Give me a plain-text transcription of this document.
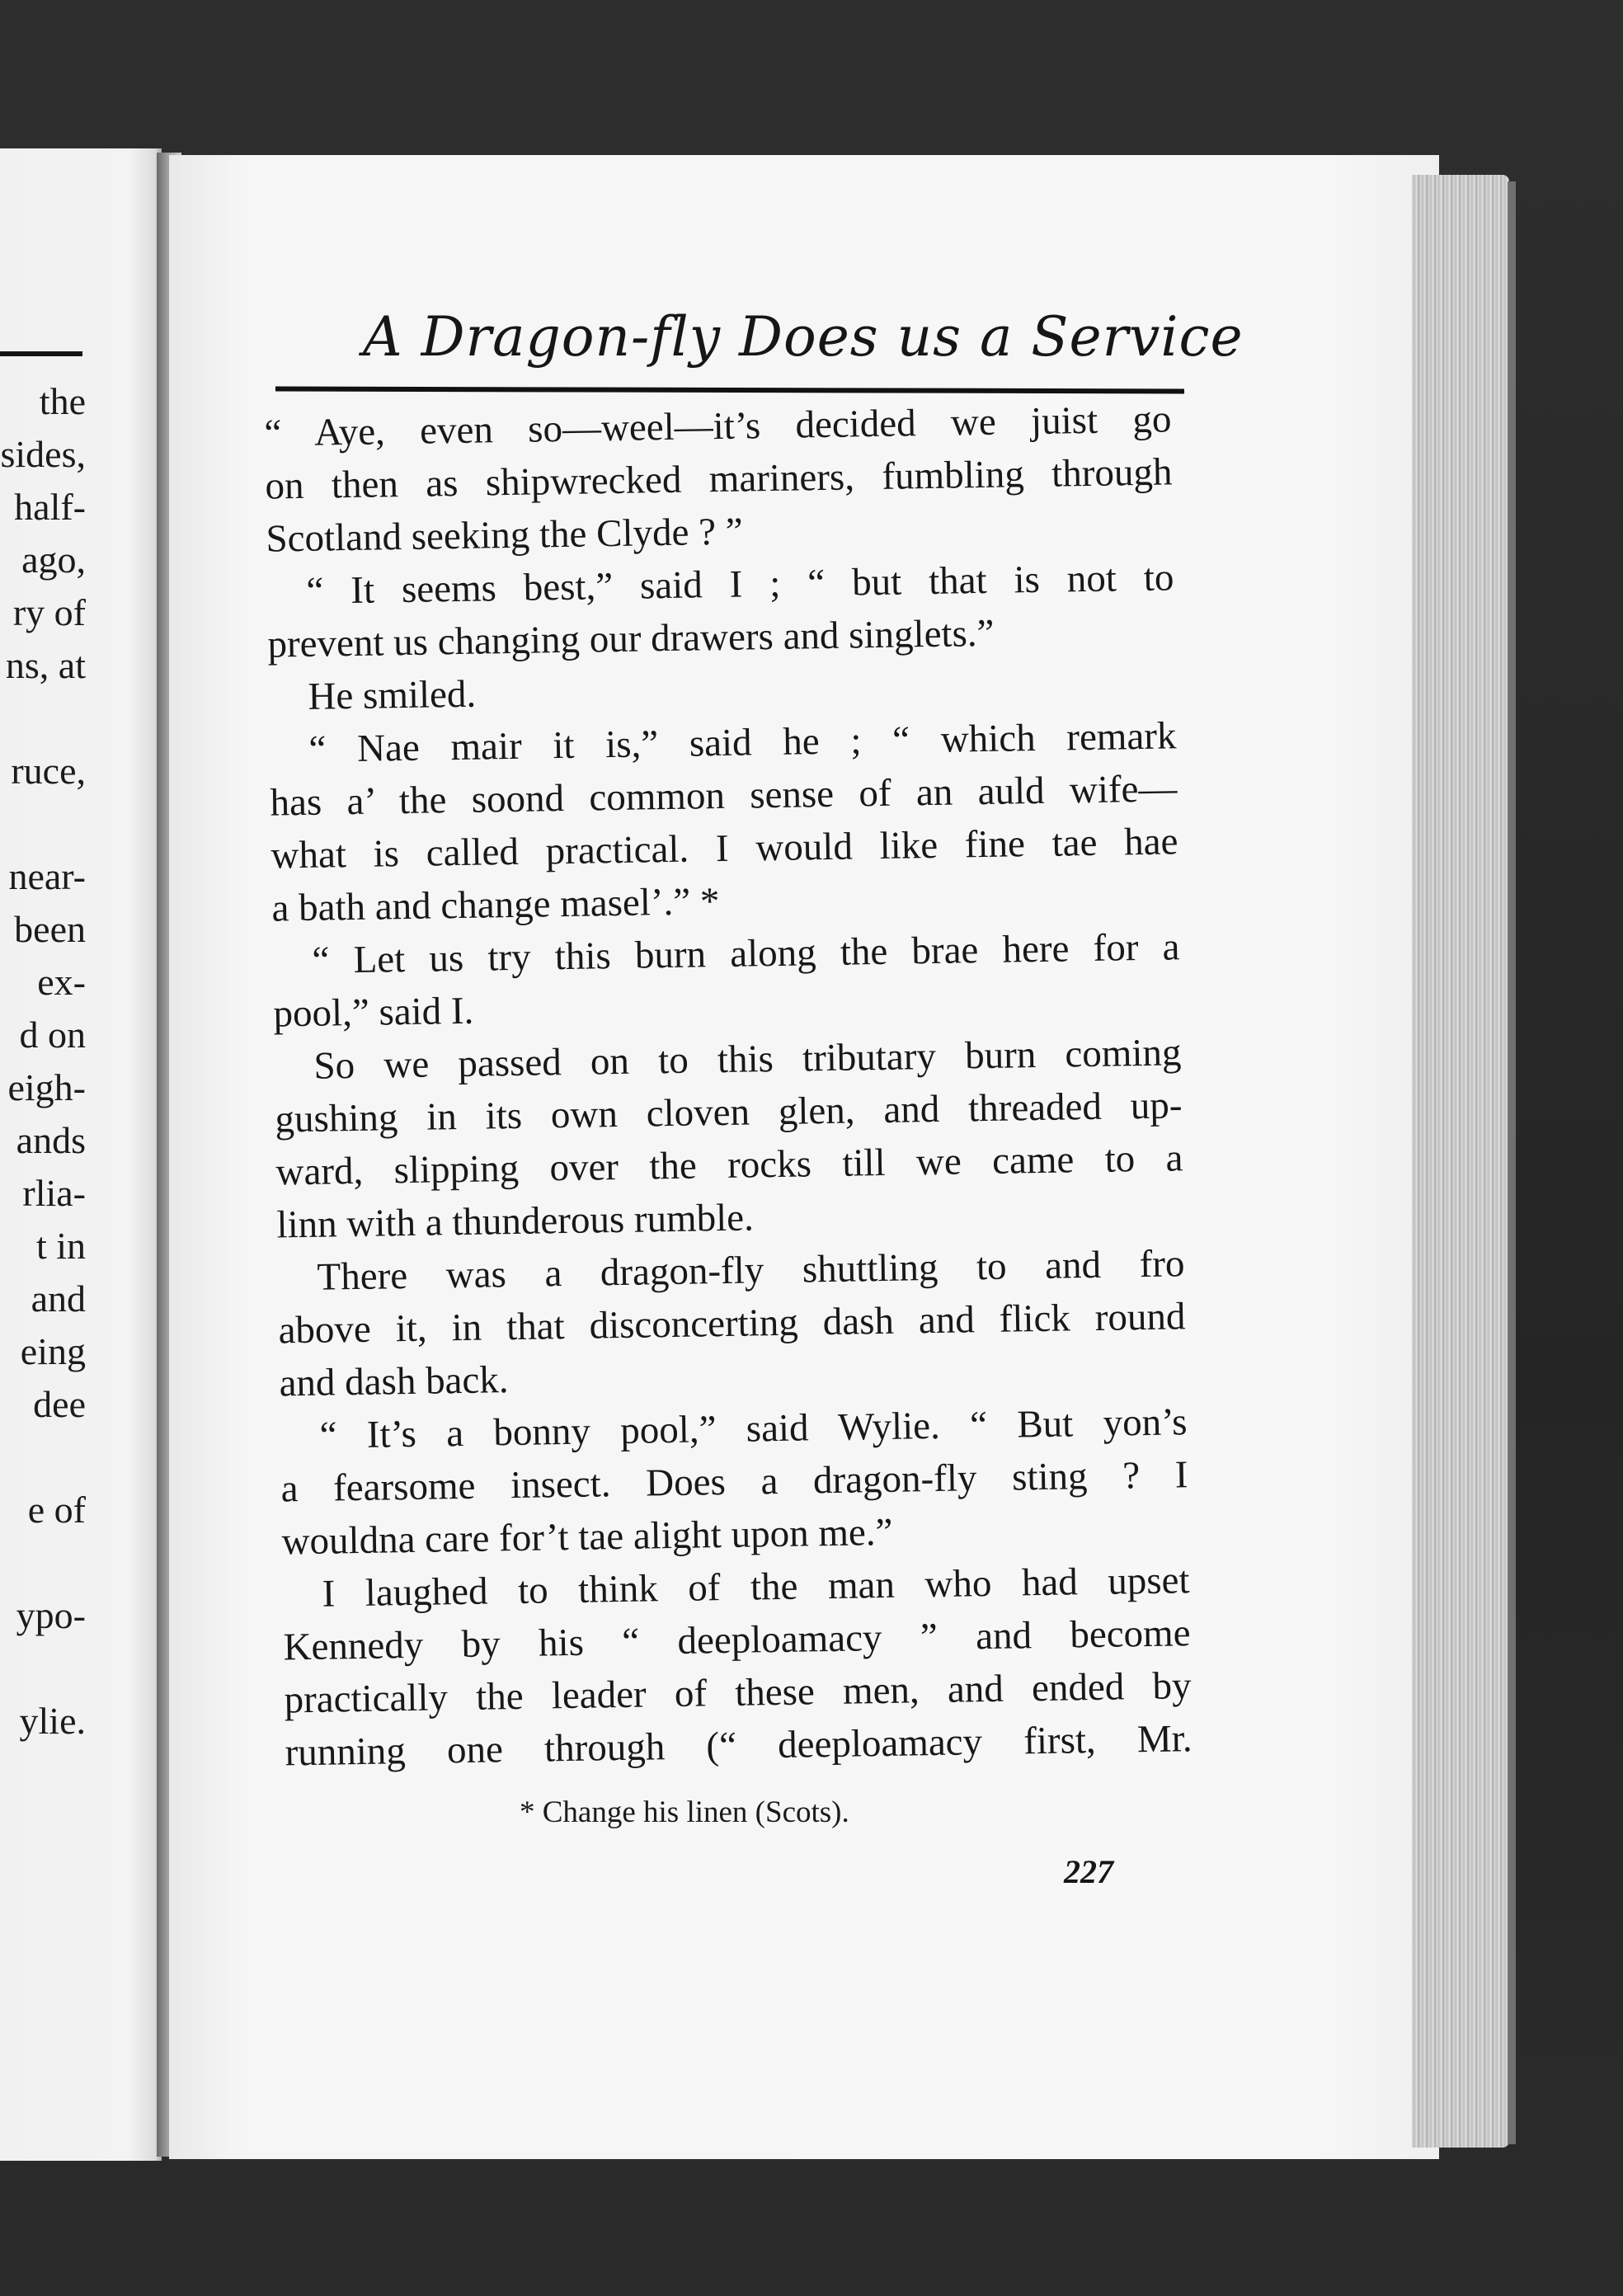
the
sides,
half-
ago,
ry of
ns, at
ruce,
near-
been
ex-
d on
eigh-
ands
rlia-
t in
and
eing
dee
e of
ypo-
ylie.
A Dragon-fly Does us a Service
“ Aye, even so—weel—it’s decided we juist go
on then as shipwrecked mariners, fumbling through
Scotland seeking the Clyde ? ”
“ It seems best,” said I ; “ but that is not to
prevent us changing our drawers and singlets.”
He smiled.
“ Nae mair it is,” said he ; “ which remark
has a’ the soond common sense of an auld wife—
what is called practical. I would like fine tae hae
a bath and change masel’.” *
“ Let us try this burn along the brae here for a
pool,” said I.
So we passed on to this tributary burn coming
gushing in its own cloven glen, and threaded up-
ward, slipping over the rocks till we came to a
linn with a thunderous rumble.
There was a dragon-fly shuttling to and fro
above it, in that disconcerting dash and flick round
and dash back.
“ It’s a bonny pool,” said Wylie. “ But yon’s
a fearsome insect. Does a dragon-fly sting ? I
wouldna care for’t tae alight upon me.”
I laughed to think of the man who had upset
Kennedy by his “ deeploamacy ” and become
practically the leader of these men, and ended by
running one through (“ deeploamacy first, Mr.
* Change his linen (Scots).
227
